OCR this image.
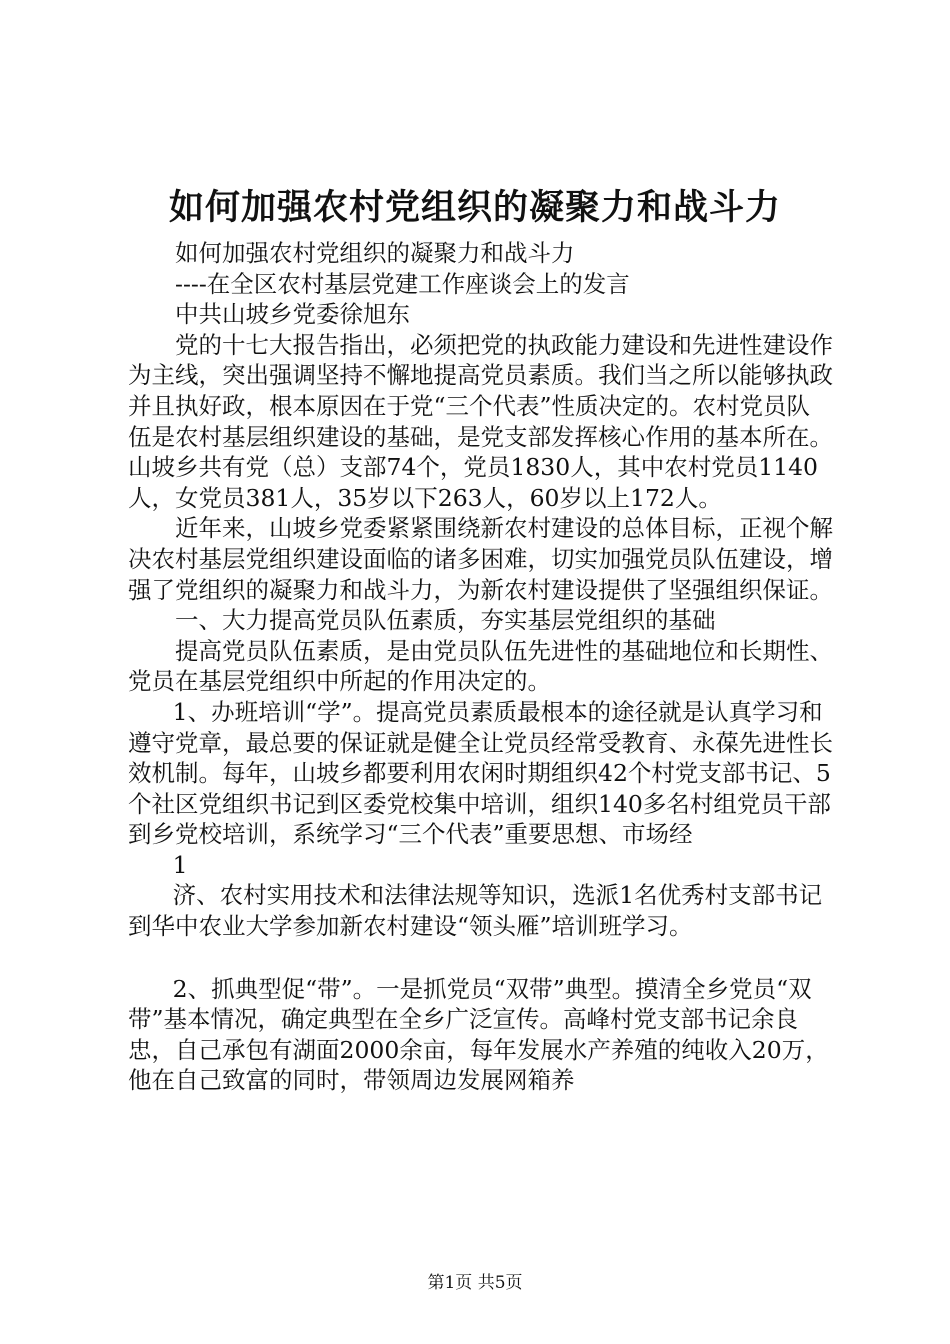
如何加强农村党组织的凝聚力和战斗力

如何加强农村党组织的凝聚力和战斗力

----在全区农村基层党建工作座谈会上的发言

中共山坡乡党委徐旭东

党的十七大报告指出，必须把党的执政能力建设和先进性建设作为主线，突出强调坚持不懈地提高党员素质。我们当之所以能够执政并且执好政，根本原因在于党“三个代表”性质决定的。农村党员队伍是农村基层组织建设的基础，是党支部发挥核心作用的基本所在。山坡乡共有党（总）支部74个，党员1830人，其中农村党员1140人，女党员381人，35岁以下263人，60岁以上172人。

近年来，山坡乡党委紧紧围绕新农村建设的总体目标，正视个解决农村基层党组织建设面临的诸多困难，切实加强党员队伍建设，增强了党组织的凝聚力和战斗力，为新农村建设提供了坚强组织保证。

一、大力提高党员队伍素质，夯实基层党组织的基础

提高党员队伍素质，是由党员队伍先进性的基础地位和长期性、党员在基层党组织中所起的作用决定的。

1、办班培训“学”。提高党员素质最根本的途径就是认真学习和遵守党章，最总要的保证就是健全让党员经常受教育、永葆先进性长效机制。每年，山坡乡都要利用农闲时期组织42个村党支部书记、5个社区党组织书记到区委党校集中培训，组织140多名村组党员干部到乡党校培训，系统学习“三个代表”重要思想、市场经

1

济、农村实用技术和法律法规等知识，选派1名优秀村支部书记到华中农业大学参加新农村建设“领头雁”培训班学习。

2、抓典型促“带”。一是抓党员“双带”典型。摸清全乡党员“双带”基本情况，确定典型在全乡广泛宣传。高峰村党支部书记余良忠，自己承包有湖面2000余亩，每年发展水产养殖的纯收入20万，他在自己致富的同时，带领周边发展网箱养

第1页 共5页
